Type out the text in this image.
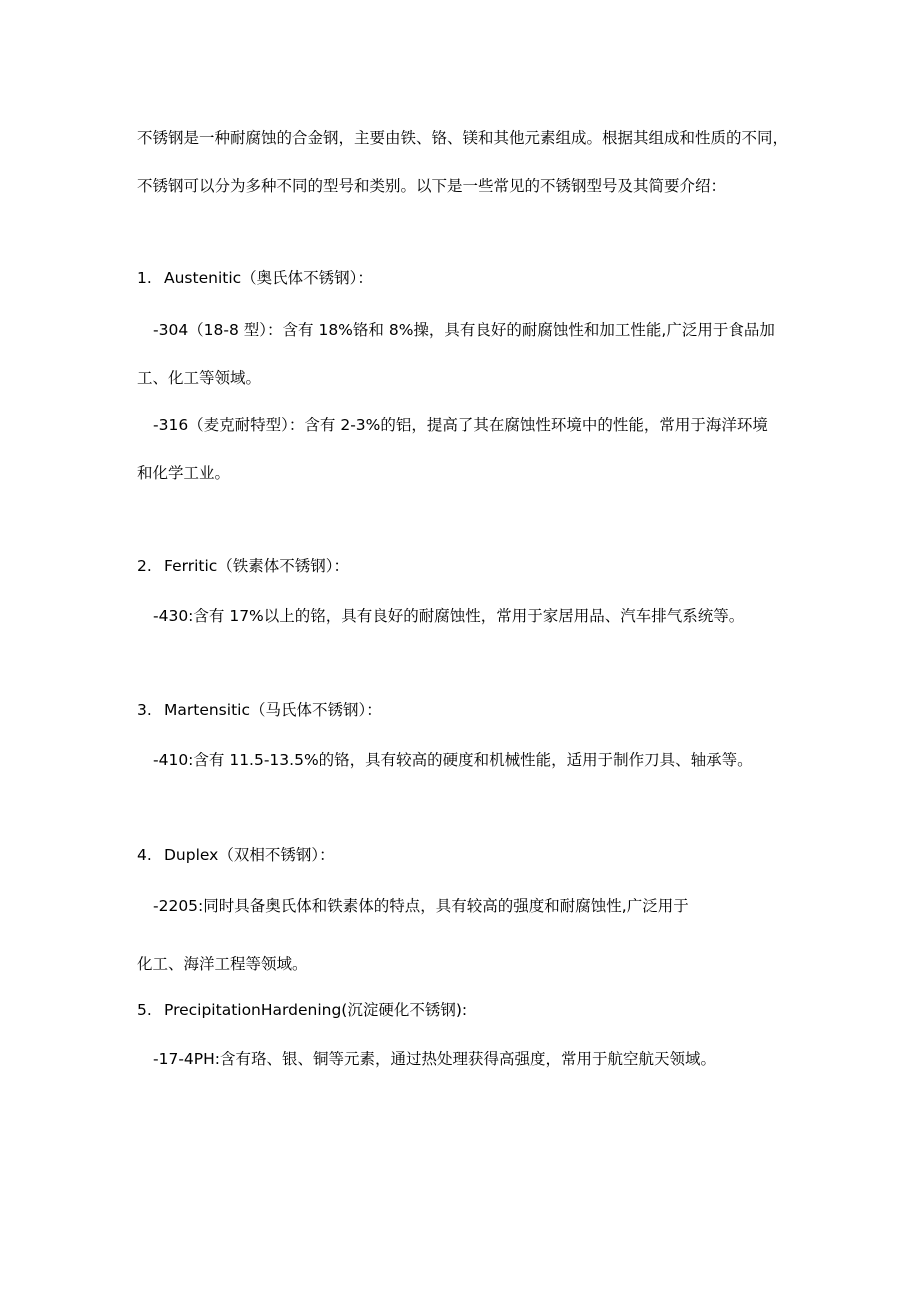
不锈钢是一种耐腐蚀的合金钢，主要由铁、铬、镁和其他元素组成。根据其组成和性质的不同，

不锈钢可以分为多种不同的型号和类别。以下是一些常见的不锈钢型号及其简要介绍：

1. Austenitic（奥氏体不锈钢）：

-304（18-8 型）：含有 18%铬和 8%操，具有良好的耐腐蚀性和加工性能,广泛用于食品加

工、化工等领域。

-316（麦克耐特型）：含有 2-3%的铝，提高了其在腐蚀性环境中的性能，常用于海洋环境

和化学工业。

2. Ferritic（铁素体不锈钢）：

-430:含有 17%以上的铭，具有良好的耐腐蚀性，常用于家居用品、汽车排气系统等。

3. Martensitic（马氏体不锈钢）：

-410:含有 11.5-13.5%的铬，具有较高的硬度和机械性能，适用于制作刀具、轴承等。

4. Duplex（双相不锈钢）：

-2205:同时具备奥氏体和铁素体的特点，具有较高的强度和耐腐蚀性,广泛用于

化工、海洋工程等领域。

5. PrecipitationHardening(沉淀硬化不锈钢):

-17-4PH:含有珞、银、铜等元素，通过热处理获得高强度，常用于航空航天领域。
